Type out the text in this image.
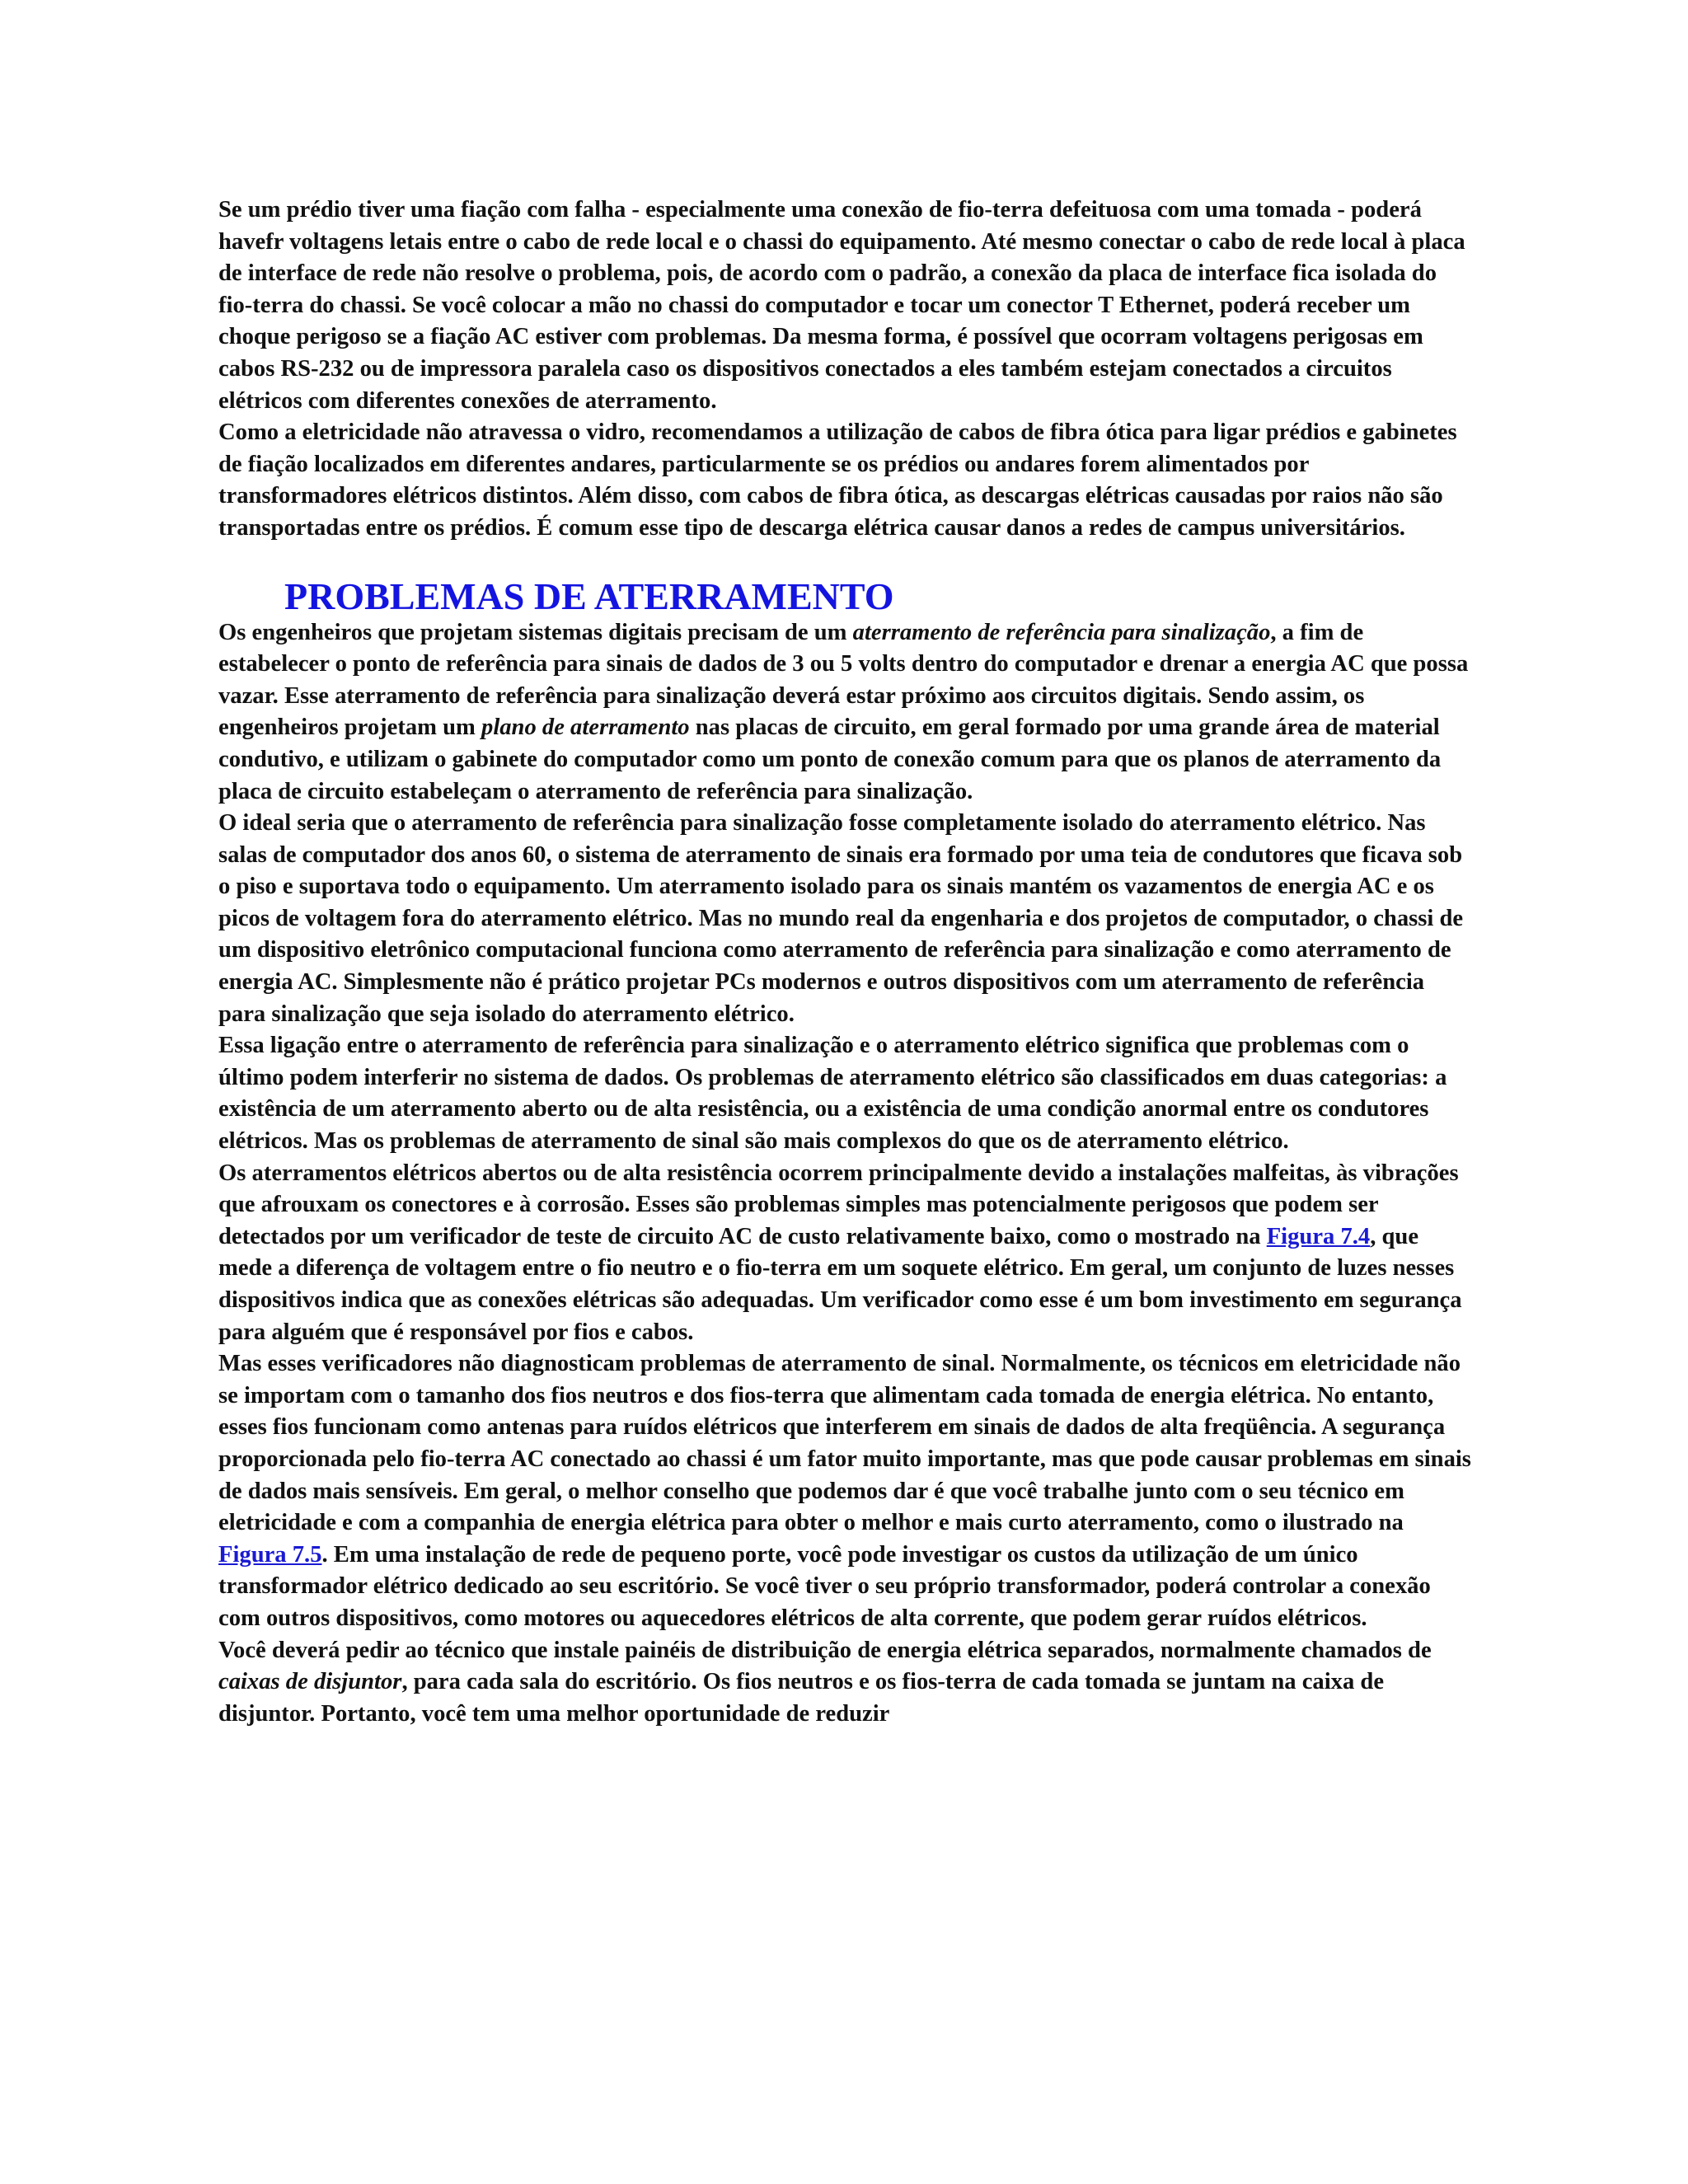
Se um prédio tiver uma fiação com falha - especialmente uma conexão de fio-terra defeituosa com uma tomada - poderá havefr voltagens letais entre o cabo de rede local e o chassi do equipamento. Até mesmo conectar o cabo de rede local à placa de interface de rede não resolve o problema, pois, de acordo com o padrão, a conexão da placa de interface fica isolada do fio-terra do chassi. Se você colocar a mão no chassi do computador e tocar um conector T Ethernet, poderá receber um choque perigoso se a fiação AC estiver com problemas. Da mesma forma, é possível que ocorram voltagens perigosas em cabos RS-232 ou de impressora paralela caso os dispositivos conectados a eles também estejam conectados a circuitos elétricos com diferentes conexões de aterramento.

Como a eletricidade não atravessa o vidro, recomendamos a utilização de cabos de fibra ótica para ligar prédios e gabinetes de fiação localizados em diferentes andares, particularmente se os prédios ou andares forem alimentados por transformadores elétricos distintos. Além disso, com cabos de fibra ótica, as descargas elétricas causadas por raios não são transportadas entre os prédios. É comum esse tipo de descarga elétrica causar danos a redes de campus universitários.

PROBLEMAS DE ATERRAMENTO

Os engenheiros que projetam sistemas digitais precisam de um aterramento de referência para sinalização, a fim de estabelecer o ponto de referência para sinais de dados de 3 ou 5 volts dentro do computador e drenar a energia AC que possa vazar. Esse aterramento de referência para sinalização deverá estar próximo aos circuitos digitais. Sendo assim, os engenheiros projetam um plano de aterramento nas placas de circuito, em geral formado por uma grande área de material condutivo, e utilizam o gabinete do computador como um ponto de conexão comum para que os planos de aterramento da placa de circuito estabeleçam o aterramento de referência para sinalização.

O ideal seria que o aterramento de referência para sinalização fosse completamente isolado do aterramento elétrico. Nas salas de computador dos anos 60, o sistema de aterramento de sinais era formado por uma teia de condutores que ficava sob o piso e suportava todo o equipamento. Um aterramento isolado para os sinais mantém os vazamentos de energia AC e os picos de voltagem fora do aterramento elétrico. Mas no mundo real da engenharia e dos projetos de computador, o chassi de um dispositivo eletrônico computacional funciona como aterramento de referência para sinalização e como aterramento de energia AC. Simplesmente não é prático projetar PCs modernos e outros dispositivos com um aterramento de referência para sinalização que seja isolado do aterramento elétrico.

Essa ligação entre o aterramento de referência para sinalização e o aterramento elétrico significa que problemas com o último podem interferir no sistema de dados. Os problemas de aterramento elétrico são classificados em duas categorias: a existência de um aterramento aberto ou de alta resistência, ou a existência de uma condição anormal entre os condutores elétricos. Mas os problemas de aterramento de sinal são mais complexos do que os de aterramento elétrico.

Os aterramentos elétricos abertos ou de alta resistência ocorrem principalmente devido a instalações malfeitas, às vibrações que afrouxam os conectores e à corrosão. Esses são problemas simples mas potencialmente perigosos que podem ser detectados por um verificador de teste de circuito AC de custo relativamente baixo, como o mostrado na Figura 7.4, que mede a diferença de voltagem entre o fio neutro e o fio-terra em um soquete elétrico. Em geral, um conjunto de luzes nesses dispositivos indica que as conexões elétricas são adequadas. Um verificador como esse é um bom investimento em segurança para alguém que é responsável por fios e cabos.

Mas esses verificadores não diagnosticam problemas de aterramento de sinal. Normalmente, os técnicos em eletricidade não se importam com o tamanho dos fios neutros e dos fios-terra que alimentam cada tomada de energia elétrica. No entanto, esses fios funcionam como antenas para ruídos elétricos que interferem em sinais de dados de alta freqüência. A segurança proporcionada pelo fio-terra AC conectado ao chassi é um fator muito importante, mas que pode causar problemas em sinais de dados mais sensíveis. Em geral, o melhor conselho que podemos dar é que você trabalhe junto com o seu técnico em eletricidade e com a companhia de energia elétrica para obter o melhor e mais curto aterramento, como o ilustrado na Figura 7.5. Em uma instalação de rede de pequeno porte, você pode investigar os custos da utilização de um único transformador elétrico dedicado ao seu escritório. Se você tiver o seu próprio transformador, poderá controlar a conexão com outros dispositivos, como motores ou aquecedores elétricos de alta corrente, que podem gerar ruídos elétricos.

Você deverá pedir ao técnico que instale painéis de distribuição de energia elétrica separados, normalmente chamados de caixas de disjuntor, para cada sala do escritório. Os fios neutros e os fios-terra de cada tomada se juntam na caixa de disjuntor. Portanto, você tem uma melhor oportunidade de reduzir
